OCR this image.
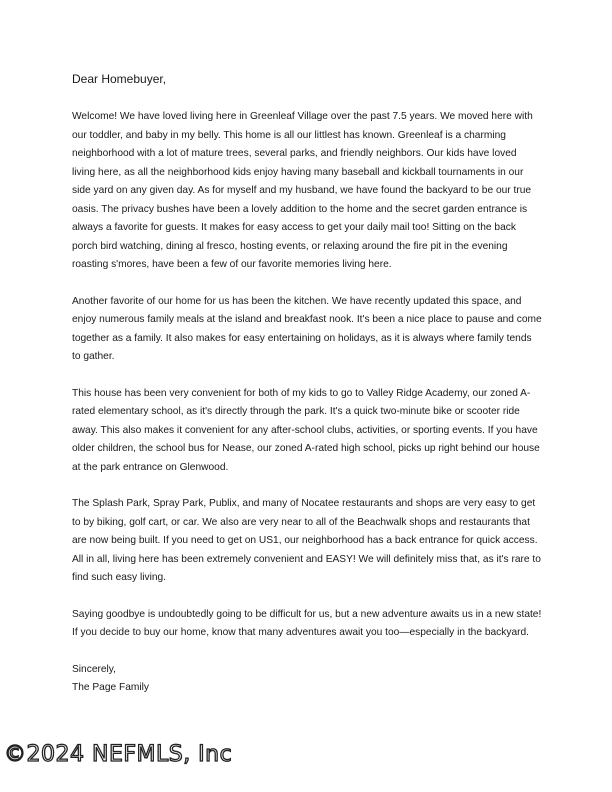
Dear Homebuyer,

Welcome! We have loved living here in Greenleaf Village over the past 7.5 years. We moved here with our toddler, and baby in my belly. This home is all our littlest has known. Greenleaf is a charming neighborhood with a lot of mature trees, several parks, and friendly neighbors. Our kids have loved living here, as all the neighborhood kids enjoy having many baseball and kickball tournaments in our side yard on any given day. As for myself and my husband, we have found the backyard to be our true oasis. The privacy bushes have been a lovely addition to the home and the secret garden entrance is always a favorite for guests. It makes for easy access to get your daily mail too! Sitting on the back porch bird watching, dining al fresco, hosting events, or relaxing around the fire pit in the evening roasting s'mores, have been a few of our favorite memories living here.

Another favorite of our home for us has been the kitchen. We have recently updated this space, and enjoy numerous family meals at the island and breakfast nook. It's been a nice place to pause and come together as a family. It also makes for easy entertaining on holidays, as it is always where family tends to gather.

This house has been very convenient for both of my kids to go to Valley Ridge Academy, our zoned A-rated elementary school, as it's directly through the park. It's a quick two-minute bike or scooter ride away. This also makes it convenient for any after-school clubs, activities, or sporting events. If you have older children, the school bus for Nease, our zoned A-rated high school, picks up right behind our house at the park entrance on Glenwood.

The Splash Park, Spray Park, Publix, and many of Nocatee restaurants and shops are very easy to get to by biking, golf cart, or car. We also are very near to all of the Beachwalk shops and restaurants that are now being built. If you need to get on US1, our neighborhood has a back entrance for quick access. All in all, living here has been extremely convenient and EASY! We will definitely miss that, as it's rare to find such easy living.

Saying goodbye is undoubtedly going to be difficult for us, but a new adventure awaits us in a new state! If you decide to buy our home, know that many adventures await you too—especially in the backyard.

Sincerely,

The Page Family

©2024 NEFMLS, Inc
